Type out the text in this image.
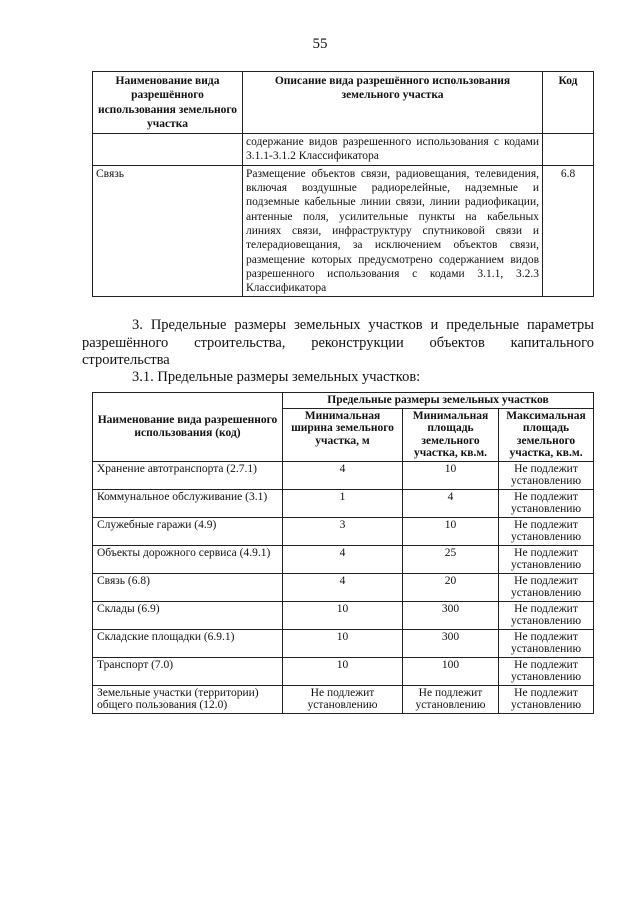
55
Наименование вида разрешённого использования земельного участка	Описание вида разрешённого использования земельного участка	Код
	содержание видов разрешенного использования с кодами 3.1.1-3.1.2 Классификатора	
Связь	Размещение объектов связи, радиовещания, телевидения, включая воздушные радиорелейные, надземные и подземные кабельные линии связи, линии радиофикации, антенные поля, усилительные пункты на кабельных линиях связи, инфраструктуру спутниковой связи и телерадиовещания, за исключением объектов связи, размещение которых предусмотрено содержанием видов разрешенного использования с кодами 3.1.1, 3.2.3 Классификатора	6.8
3. Предельные размеры земельных участков и предельные параметры разрешённого строительства, реконструкции объектов капитального строительства
3.1. Предельные размеры земельных участков:
Наименование вида разрешенного использования (код)	Предельные размеры земельных участков		
	Минимальная ширина земельного участка, м	Минимальная площадь земельного участка, кв.м.	Максимальная площадь земельного участка, кв.м.
Хранение автотранспорта (2.7.1)	4	10	Не подлежит установлению
Коммунальное обслуживание (3.1)	1	4	Не подлежит установлению
Служебные гаражи (4.9)	3	10	Не подлежит установлению
Объекты дорожного сервиса (4.9.1)	4	25	Не подлежит установлению
Связь (6.8)	4	20	Не подлежит установлению
Склады (6.9)	10	300	Не подлежит установлению
Складские площадки (6.9.1)	10	300	Не подлежит установлению
Транспорт (7.0)	10	100	Не подлежит установлению
Земельные участки (территории) общего пользования (12.0)	Не подлежит установлению	Не подлежит установлению	Не подлежит установлению
